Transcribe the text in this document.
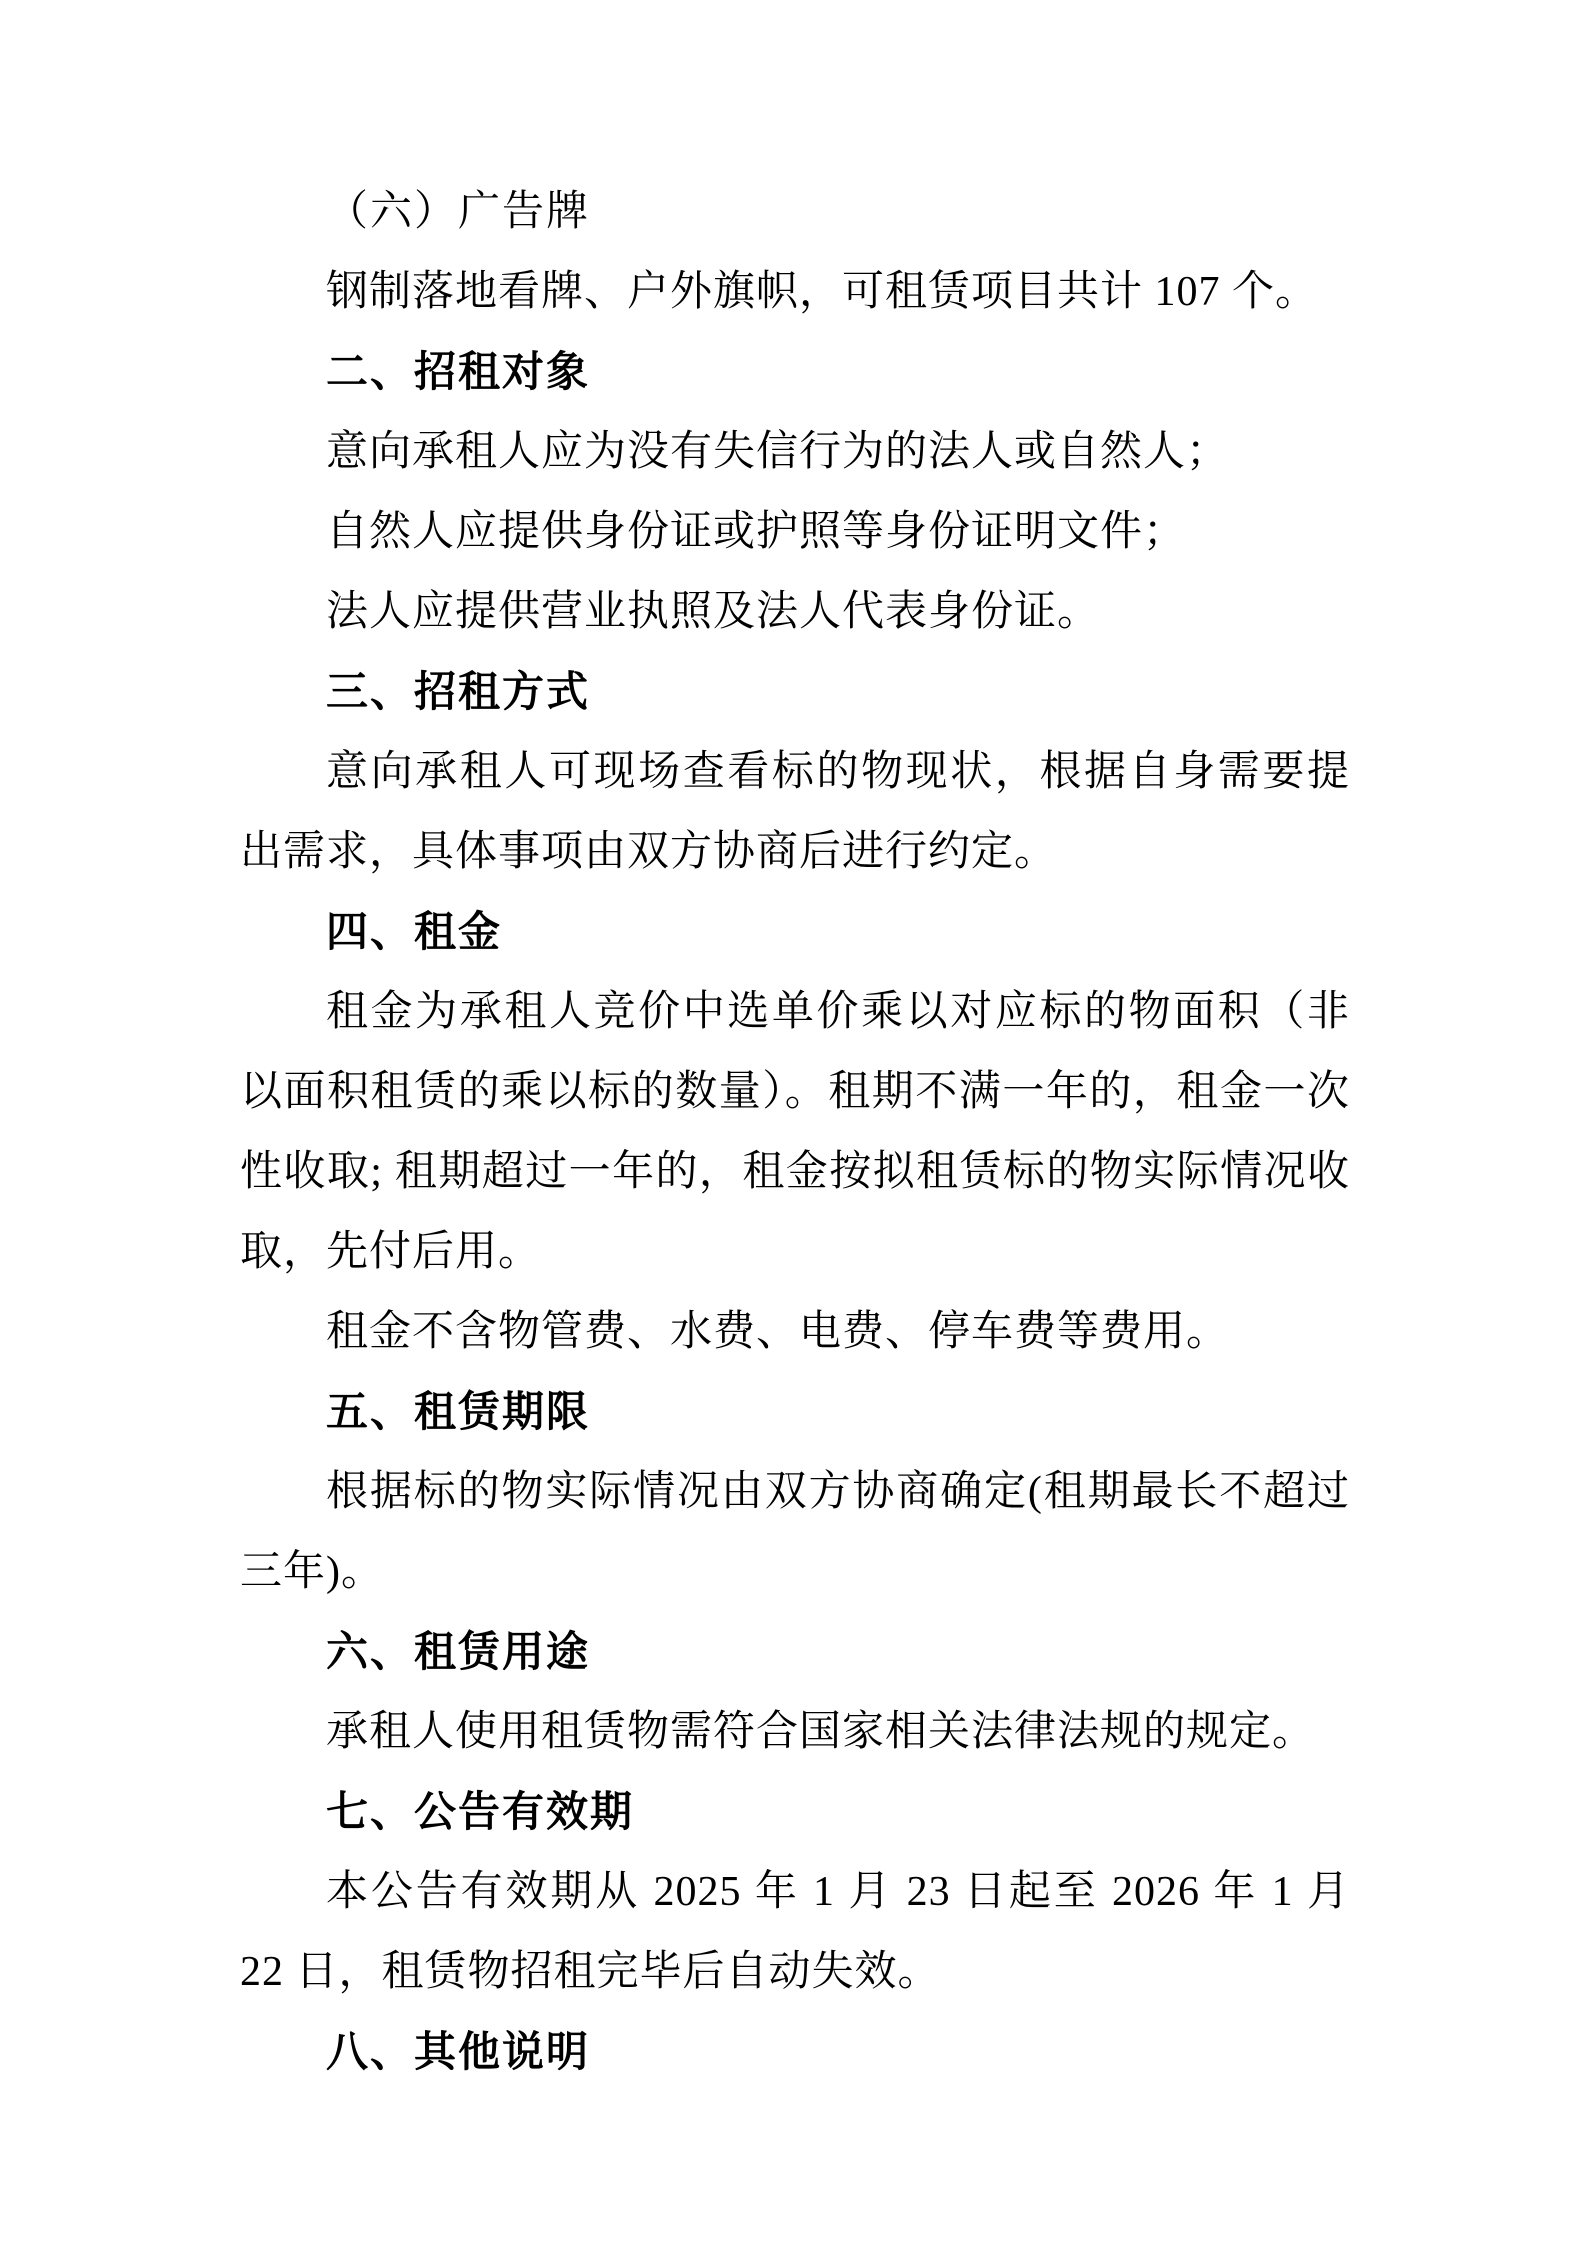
（六）广告牌

钢制落地看牌、户外旗帜，可租赁项目共计 107 个。

二、招租对象

意向承租人应为没有失信行为的法人或自然人；

自然人应提供身份证或护照等身份证明文件；

法人应提供营业执照及法人代表身份证。

三、招租方式

意向承租人可现场查看标的物现状，根据自身需要提出需求，具体事项由双方协商后进行约定。

四、租金

租金为承租人竞价中选单价乘以对应标的物面积（非以面积租赁的乘以标的数量）。租期不满一年的，租金一次性收取; 租期超过一年的，租金按拟租赁标的物实际情况收取，先付后用。

租金不含物管费、水费、电费、停车费等费用。

五、租赁期限

根据标的物实际情况由双方协商确定(租期最长不超过三年)。

六、租赁用途

承租人使用租赁物需符合国家相关法律法规的规定。

七、公告有效期

本公告有效期从 2025 年 1 月 23 日起至 2026 年 1 月 22 日，租赁物招租完毕后自动失效。

八、其他说明
